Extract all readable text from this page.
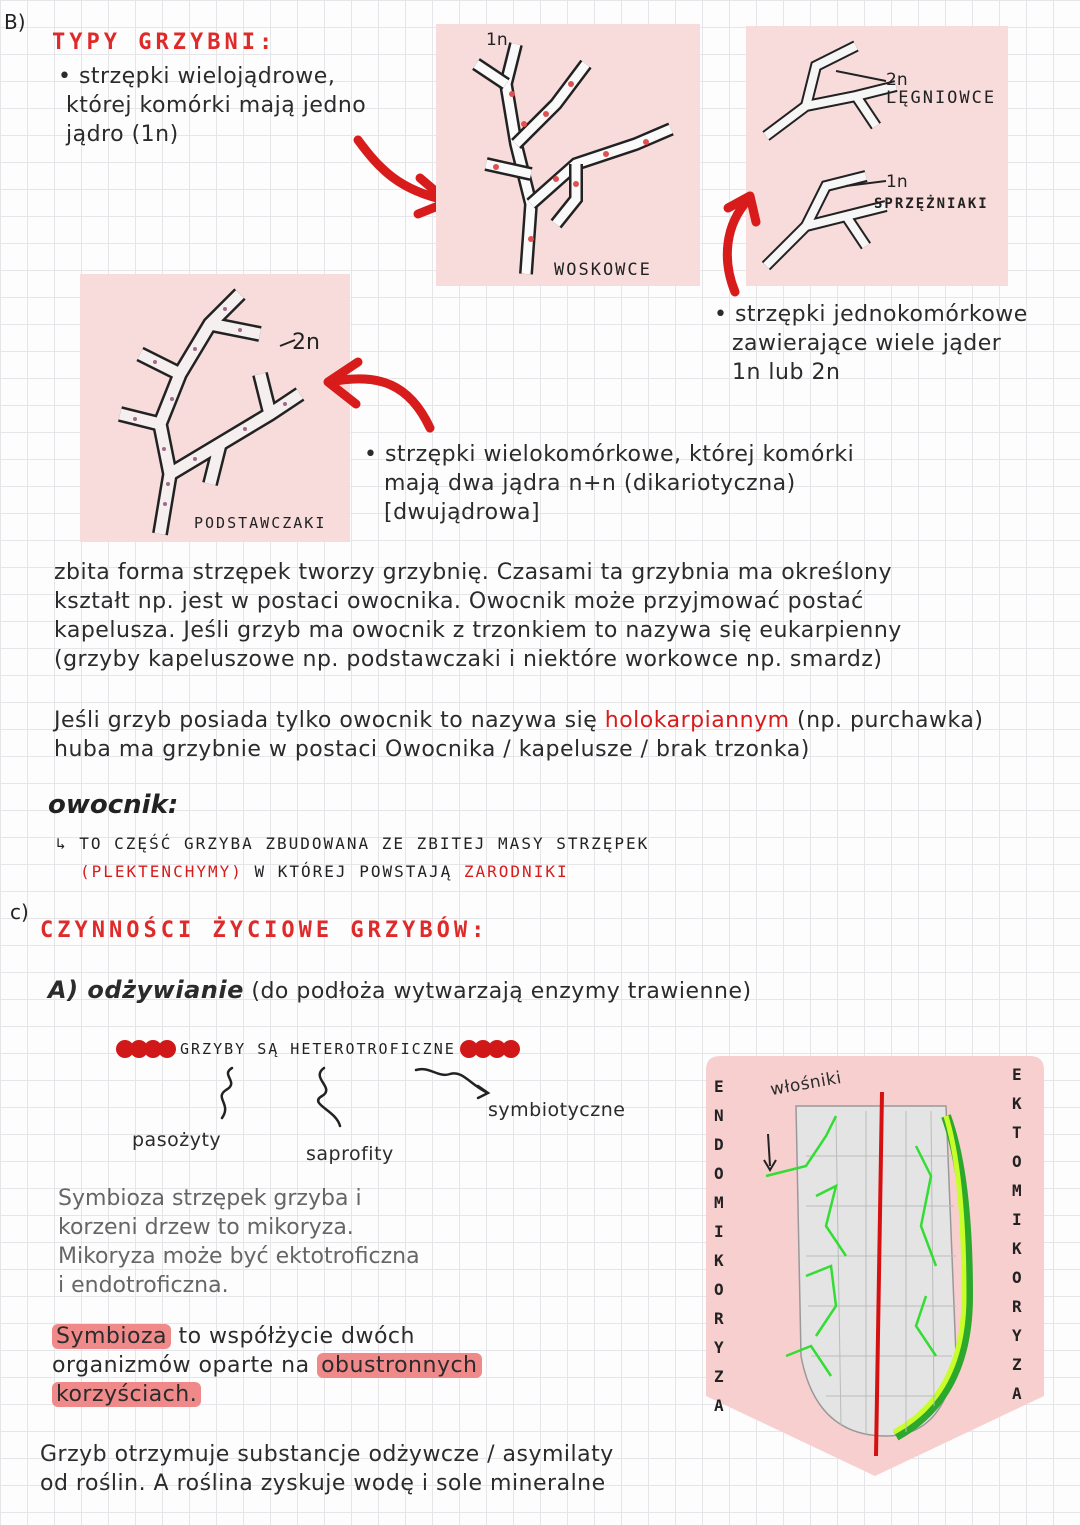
B)
TYPY GRZYBNI:
• strzępki wielojądrowe,
której komórki mają jedno
jądro (1n)
1n
WOSKOWCE
2n
LĘGNIOWCE
1n
SPRZĘŻNIAKI
• strzępki jednokomórkowe
zawierające wiele jąder
1n lub 2n
2n
PODSTAWCZAKI
• strzępki wielokomórkowe, której komórki
mają dwa jądra n+n (dikariotyczna)
[dwujądrowa]
zbita forma strzępek tworzy grzybnię. Czasami ta grzybnia ma określony
kształt np. jest w postaci owocnika. Owocnik może przyjmować postać
kapelusza. Jeśli grzyb ma owocnik z trzonkiem to nazywa się eukarpienny
(grzyby kapeluszowe np. podstawczaki i niektóre workowce np. smardz)
Jeśli grzyb posiada tylko owocnik to nazywa się holokarpiannym (np. purchawka)
huba ma grzybnie w postaci Owocnika / kapelusze / brak trzonka)
owocnik:
↳ TO CZĘŚĆ GRZYBA ZBUDOWANA ZE ZBITEJ MASY STRZĘPEK
(PLEKTENCHYMY) W KTÓREJ POWSTAJĄ ZARODNIKI
c)
CZYNNOŚCI ŻYCIOWE GRZYBÓW:
A) odżywianie (do podłoża wytwarzają enzymy trawienne)
GRZYBY SĄ HETEROTROFICZNE
pasożyty
saprofity
symbiotyczne
Symbioza strzępek grzyba i
korzeni drzew to mikoryza.
Mikoryza może być ektotroficzna
i endotroficzna.
Symbioza to współżycie dwóch
organizmów oparte na obustronnych
korzyściach.
Grzyb otrzymuje substancje odżywcze / asymilaty
od roślin. A roślina zyskuje wodę i sole mineralne
włośniki
ENDOMIKORYZA
EKTOMIKORYZA
